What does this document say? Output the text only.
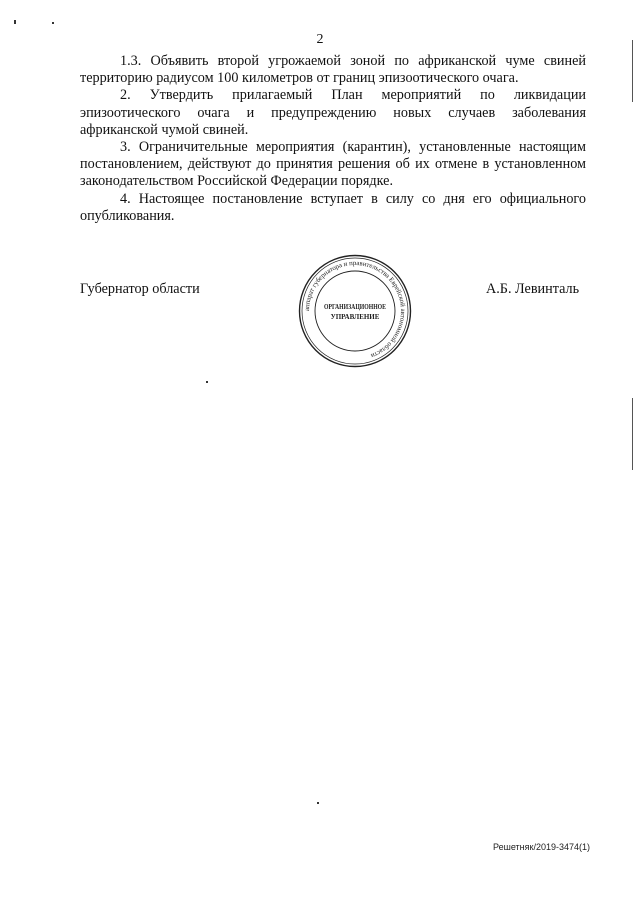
2

1.3. Объявить второй угрожаемой зоной по африканской чуме свиней территорию радиусом 100 километров от границ эпизоотического очага.

2. Утвердить прилагаемый План мероприятий по ликвидации эпизоотического очага и предупреждению новых случаев заболевания африканской чумой свиней.

3. Ограничительные мероприятия (карантин), установленные настоящим постановлением, действуют до принятия решения об их отмене в установленном законодательством Российской Федерации порядке.

4. Настоящее постановление вступает в силу со дня его официального опубликования.

Губернатор области	А.Б. Левинталь
аппарат губернатора и правительства Еврейской автономной области
ОРГАНИЗАЦИОННОЕ
УПРАВЛЕНИЕ
Решетняк/2019-3474(1)
